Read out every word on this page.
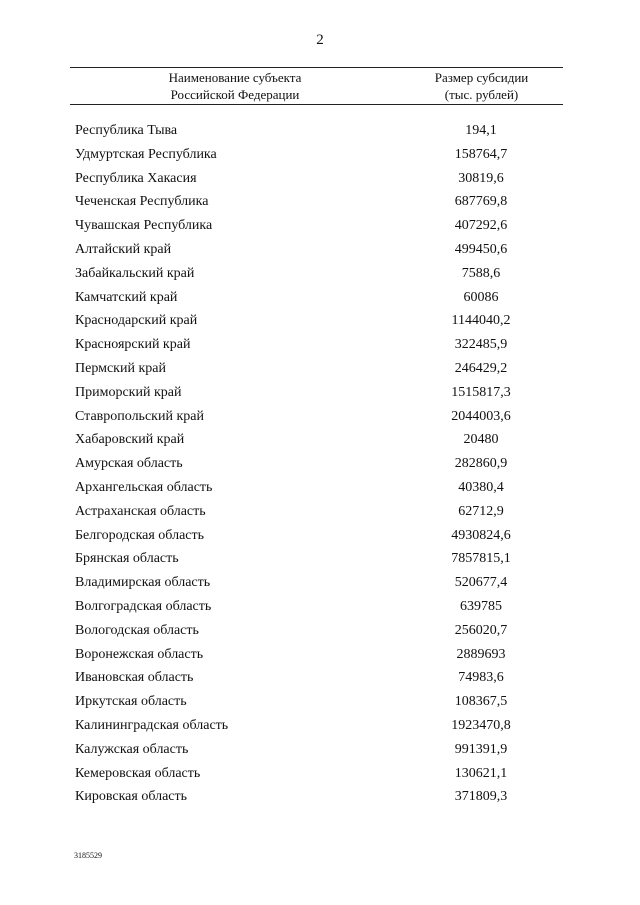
2
Наименование субъекта
Российской Федерации
Размер субсидии
(тыс. рублей)
Республика Тыва	194,1
Удмуртская Республика	158764,7
Республика Хакасия	30819,6
Чеченская Республика	687769,8
Чувашская Республика	407292,6
Алтайский край	499450,6
Забайкальский край	7588,6
Камчатский край	60086
Краснодарский край	1144040,2
Красноярский край	322485,9
Пермский край	246429,2
Приморский край	1515817,3
Ставропольский край	2044003,6
Хабаровский край	20480
Амурская область	282860,9
Архангельская область	40380,4
Астраханская область	62712,9
Белгородская область	4930824,6
Брянская область	7857815,1
Владимирская область	520677,4
Волгоградская область	639785
Вологодская область	256020,7
Воронежская область	2889693
Ивановская область	74983,6
Иркутская область	108367,5
Калининградская область	1923470,8
Калужская область	991391,9
Кемеровская область	130621,1
Кировская область	371809,3
3185529
